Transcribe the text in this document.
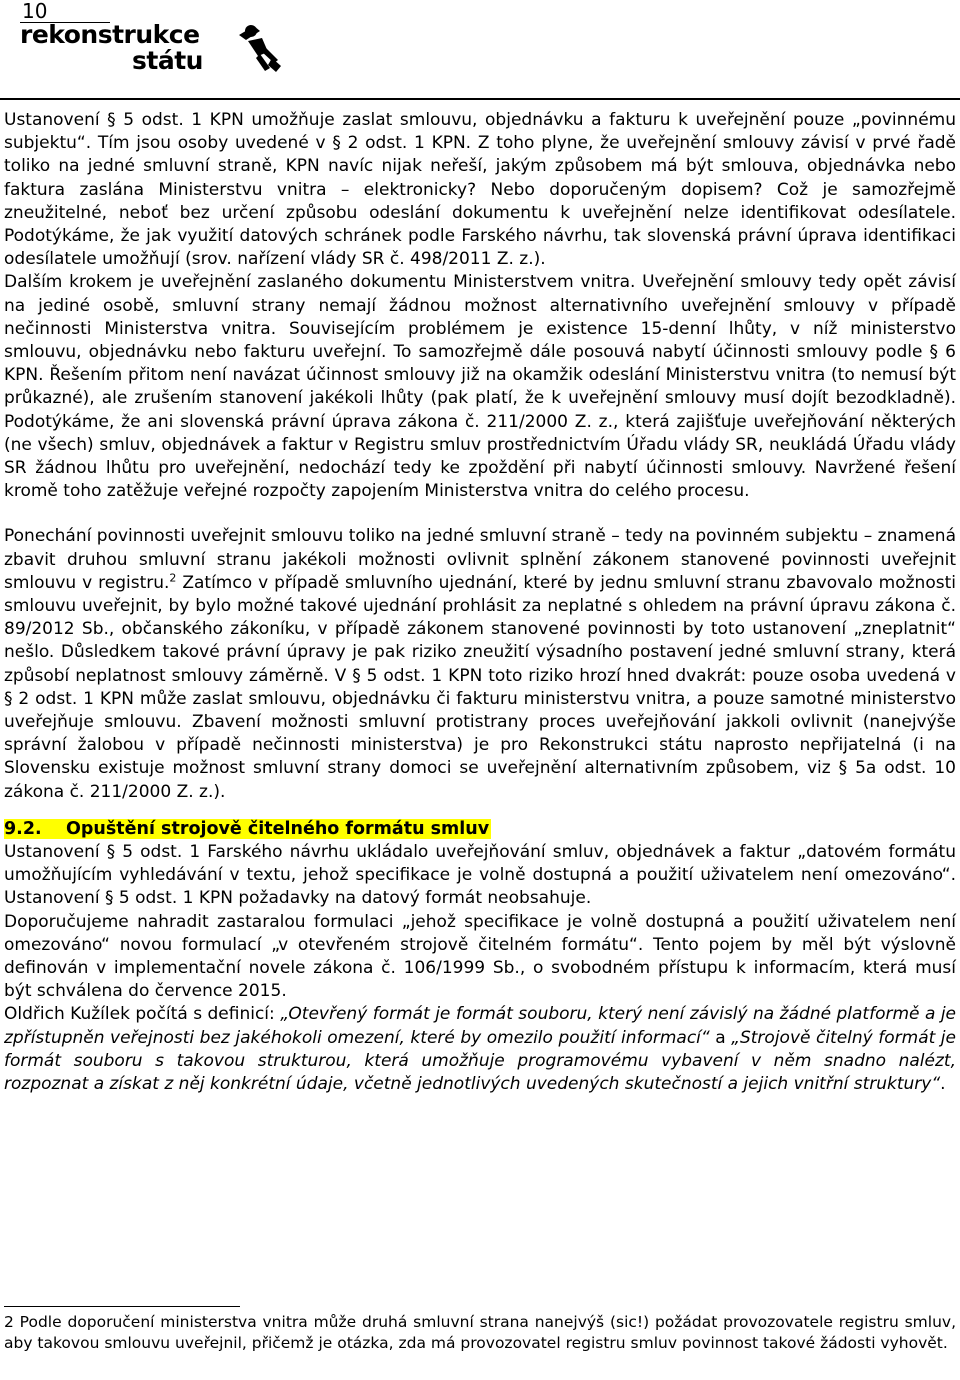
10
rekonstrukce
státu

Ustanovení § 5 odst. 1 KPN umožňuje zaslat smlouvu, objednávku a fakturu k uveřejnění pouze „povinnému subjektu“. Tím jsou osoby uvedené v § 2 odst. 1 KPN. Z toho plyne, že uveřejnění smlouvy závisí v prvé řadě toliko na jedné smluvní straně, KPN navíc nijak neřeší, jakým způsobem má být smlouva, objednávka nebo faktura zaslána Ministerstvu vnitra – elektronicky? Nebo doporučeným dopisem? Což je samozřejmě zneužitelné, neboť bez určení způsobu odeslání dokumentu k uveřejnění nelze identifikovat odesílatele. Podotýkáme, že jak využití datových schránek podle Farského návrhu, tak slovenská právní úprava identifikaci odesílatele umožňují (srov. nařízení vlády SR č. 498/2011 Z. z.).

Dalším krokem je uveřejnění zaslaného dokumentu Ministerstvem vnitra. Uveřejnění smlouvy tedy opět závisí na jediné osobě, smluvní strany nemají žádnou možnost alternativního uveřejnění smlouvy v případě nečinnosti Ministerstva vnitra. Souvisejícím problémem je existence 15-denní lhůty, v níž ministerstvo smlouvu, objednávku nebo fakturu uveřejní. To samozřejmě dále posouvá nabytí účinnosti smlouvy podle § 6 KPN. Řešením přitom není navázat účinnost smlouvy již na okamžik odeslání Ministerstvu vnitra (to nemusí být průkazné), ale zrušením stanovení jakékoli lhůty (pak platí, že k uveřejnění smlouvy musí dojít bezodkladně). Podotýkáme, že ani slovenská právní úprava zákona č. 211/2000 Z. z., která zajišťuje uveřejňování některých (ne všech) smluv, objednávek a faktur v Registru smluv prostřednictvím Úřadu vlády SR, neukládá Úřadu vlády SR žádnou lhůtu pro uveřejnění, nedochází tedy ke zpoždění při nabytí účinnosti smlouvy. Navržené řešení kromě toho zatěžuje veřejné rozpočty zapojením Ministerstva vnitra do celého procesu.

Ponechání povinnosti uveřejnit smlouvu toliko na jedné smluvní straně – tedy na povinném subjektu – znamená zbavit druhou smluvní stranu jakékoli možnosti ovlivnit splnění zákonem stanovené povinnosti uveřejnit smlouvu v registru.$^2$ Zatímco v případě smluvního ujednání, které by jednu smluvní stranu zbavovalo možnosti smlouvu uveřejnit, by bylo možné takové ujednání prohlásit za neplatné s ohledem na právní úpravu zákona č. 89/2012 Sb., občanského zákoníku, v případě zákonem stanovené povinnosti by toto ustanovení „zneplatnit“ nešlo. Důsledkem takové právní úpravy je pak riziko zneužití výsadního postavení jedné smluvní strany, která způsobí neplatnost smlouvy záměrně. V § 5 odst. 1 KPN toto riziko hrozí hned dvakrát: pouze osoba uvedená v § 2 odst. 1 KPN může zaslat smlouvu, objednávku či fakturu ministerstvu vnitra, a pouze samotné ministerstvo uveřejňuje smlouvu. Zbavení možnosti smluvní protistrany proces uveřejňování jakkoli ovlivnit (nanejvýše správní žalobou v případě nečinnosti ministerstva) je pro Rekonstrukci státu naprosto nepřijatelná (i na Slovensku existuje možnost smluvní strany domoci se uveřejnění alternativním způsobem, viz § 5a odst. 10 zákona č. 211/2000 Z. z.).

9.2. Opuštění strojově čitelného formátu smluv

Ustanovení § 5 odst. 1 Farského návrhu ukládalo uveřejňování smluv, objednávek a faktur „datovém formátu umožňujícím vyhledávání v textu, jehož specifikace je volně dostupná a použití uživatelem není omezováno“. Ustanovení § 5 odst. 1 KPN požadavky na datový formát neobsahuje.

Doporučujeme nahradit zastaralou formulaci „jehož specifikace je volně dostupná a použití uživatelem není omezováno“ novou formulací „v otevřeném strojově čitelném formátu“. Tento pojem by měl být výslovně definován v implementační novele zákona č. 106/1999 Sb., o svobodném přístupu k informacím, která musí být schválena do července 2015.

Oldřich Kužílek počítá s definicí: „Otevřený formát je formát souboru, který není závislý na žádné platformě a je zpřístupněn veřejnosti bez jakéhokoli omezení, které by omezilo použití informací“ a „Strojově čitelný formát je formát souboru s takovou strukturou, která umožňuje programovému vybavení v něm snadno nalézt, rozpoznat a získat z něj konkrétní údaje, včetně jednotlivých uvedených skutečností a jejich vnitřní struktury“.

2 Podle doporučení ministerstva vnitra může druhá smluvní strana nanejvýš (sic!) požádat provozovatele registru smluv, aby takovou smlouvu uveřejnil, přičemž je otázka, zda má provozovatel registru smluv povinnost takové žádosti vyhovět.
